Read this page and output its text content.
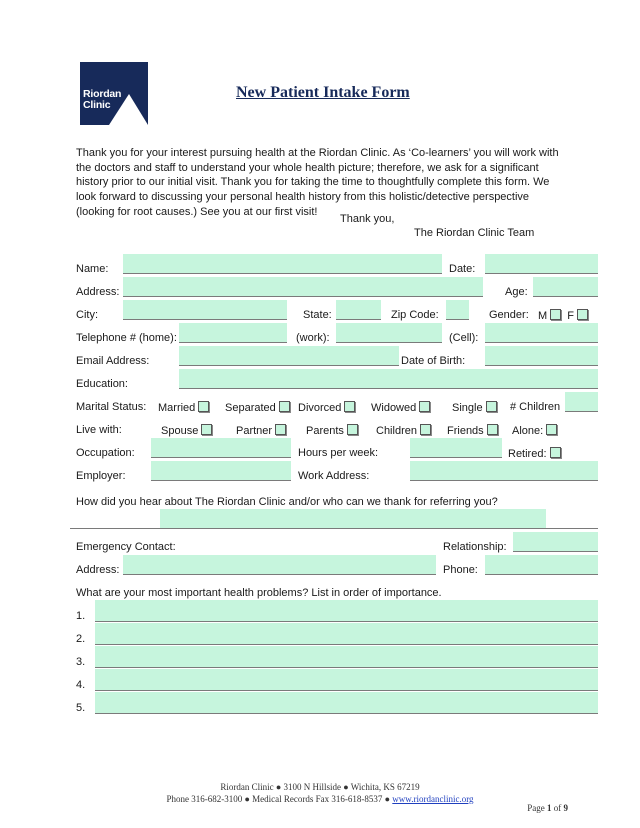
Riordan
Clinic
New Patient Intake Form
Thank you for your interest pursuing health at the Riordan Clinic. As ‘Co-learners’ you will work with the doctors and staff to understand your whole health picture; therefore, we ask for a significant history prior to our initial visit. Thank you for taking the time to thoughtfully complete this form. We look forward to discussing your personal health history from this holistic/detective perspective (looking for root causes.) See you at our first visit!
Thank you,
The Riordan Clinic Team
Name:	Date:
Address:	Age:
City:	State:	Zip Code:	Gender: M F
Telephone # (home):	(work):	(Cell):
Email Address:	Date of Birth:
Education:
Marital Status: Married	Separated	Divorced	Widowed	Single	# Children
Live with:	Spouse	Partner	Parents	Children	Friends	Alone:
Occupation:	Hours per week:	Retired:
Employer:	Work Address:
How did you hear about The Riordan Clinic and/or who can we thank for referring you?
Emergency Contact:	Relationship:
Address:	Phone:
What are your most important health problems? List in order of importance.
1.
2.
3.
4.
5.
Riordan Clinic ● 3100 N Hillside ● Wichita, KS 67219
Phone 316-682-3100 ● Medical Records Fax 316-618-8537 ● www.riordanclinic.org
Page 1 of 9
